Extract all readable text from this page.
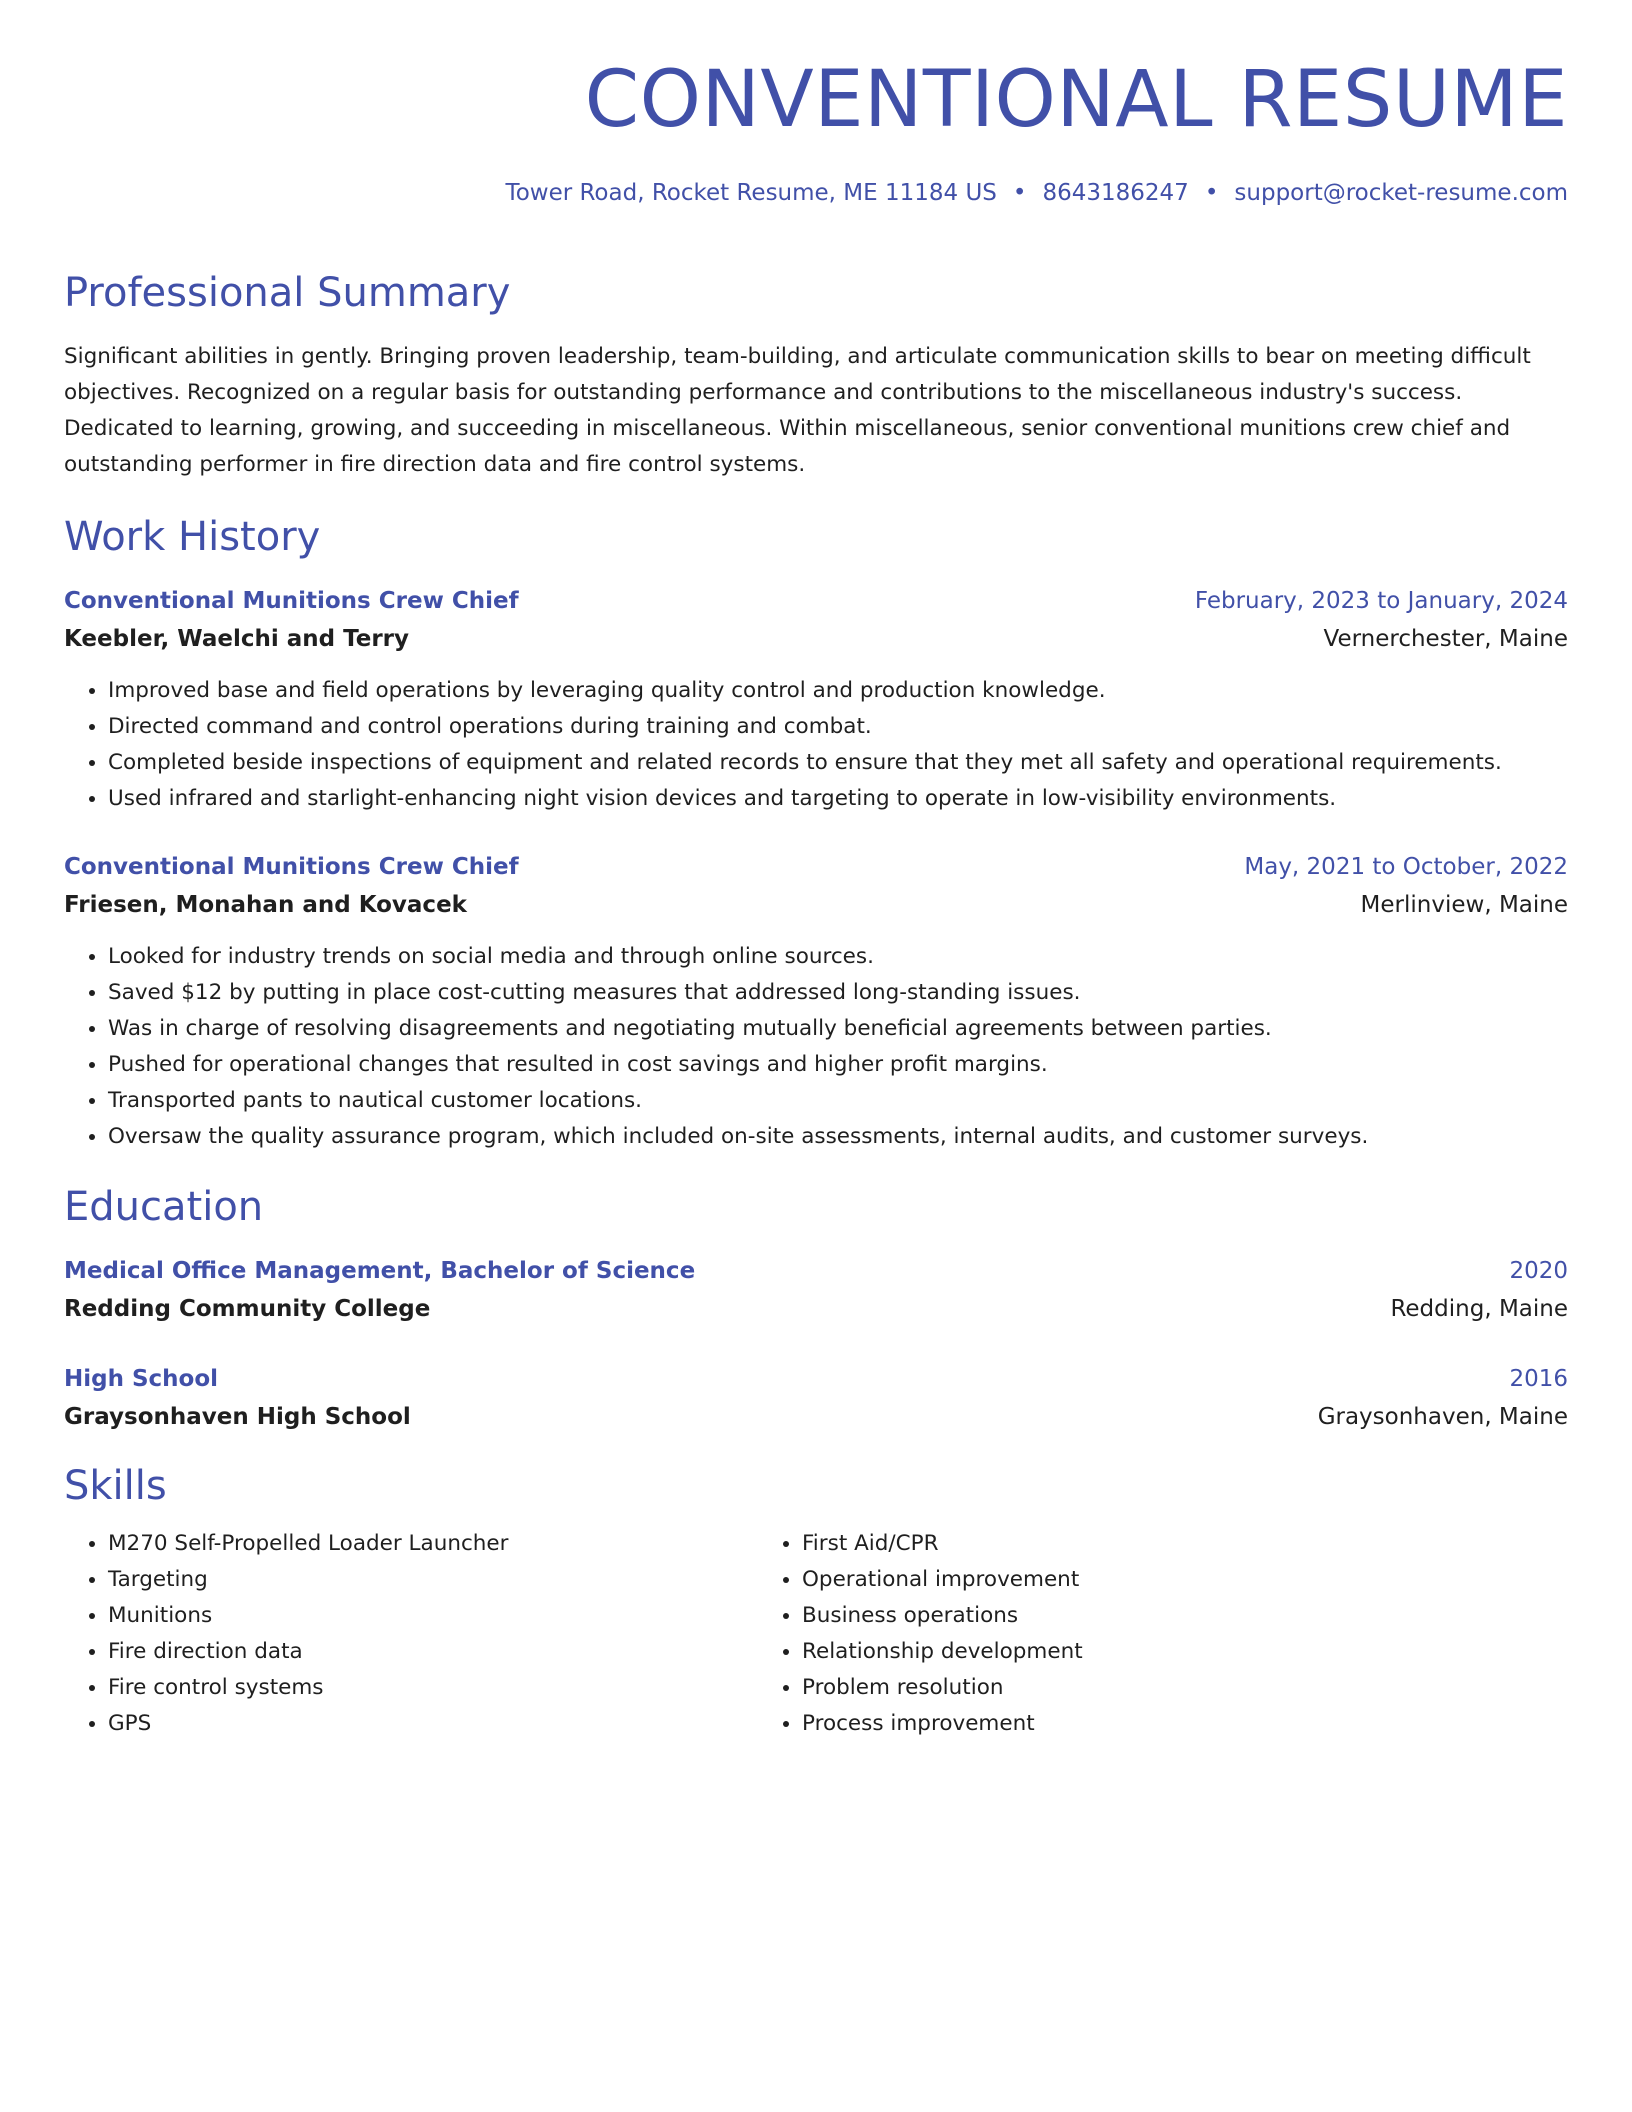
CONVENTIONAL RESUME
Tower Road, Rocket Resume, ME 11184 US • 8643186247 • support@rocket-resume.com
Professional Summary

Significant abilities in gently. Bringing proven leadership, team-building, and articulate communication skills to bear on meeting difficult objectives. Recognized on a regular basis for outstanding performance and contributions to the miscellaneous industry's success. Dedicated to learning, growing, and succeeding in miscellaneous. Within miscellaneous, senior conventional munitions crew chief and outstanding performer in fire direction data and fire control systems.

Work History
Conventional Munitions Crew Chief	February, 2023 to January, 2024
Keebler, Waelchi and Terry	Vernerchester, Maine
• Improved base and field operations by leveraging quality control and production knowledge.
• Directed command and control operations during training and combat.
• Completed beside inspections of equipment and related records to ensure that they met all safety and operational requirements.
• Used infrared and starlight-enhancing night vision devices and targeting to operate in low-visibility environments.
Conventional Munitions Crew Chief	May, 2021 to October, 2022
Friesen, Monahan and Kovacek	Merlinview, Maine
• Looked for industry trends on social media and through online sources.
• Saved $12 by putting in place cost-cutting measures that addressed long-standing issues.
• Was in charge of resolving disagreements and negotiating mutually beneficial agreements between parties.
• Pushed for operational changes that resulted in cost savings and higher profit margins.
• Transported pants to nautical customer locations.
• Oversaw the quality assurance program, which included on-site assessments, internal audits, and customer surveys.
Education
Medical Office Management, Bachelor of Science	2020
Redding Community College	Redding, Maine
High School	2016
Graysonhaven High School	Graysonhaven, Maine
Skills
• M270 Self-Propelled Loader Launcher
• Targeting
• Munitions
• Fire direction data
• Fire control systems
• GPS
• First Aid/CPR
• Operational improvement
• Business operations
• Relationship development
• Problem resolution
• Process improvement
